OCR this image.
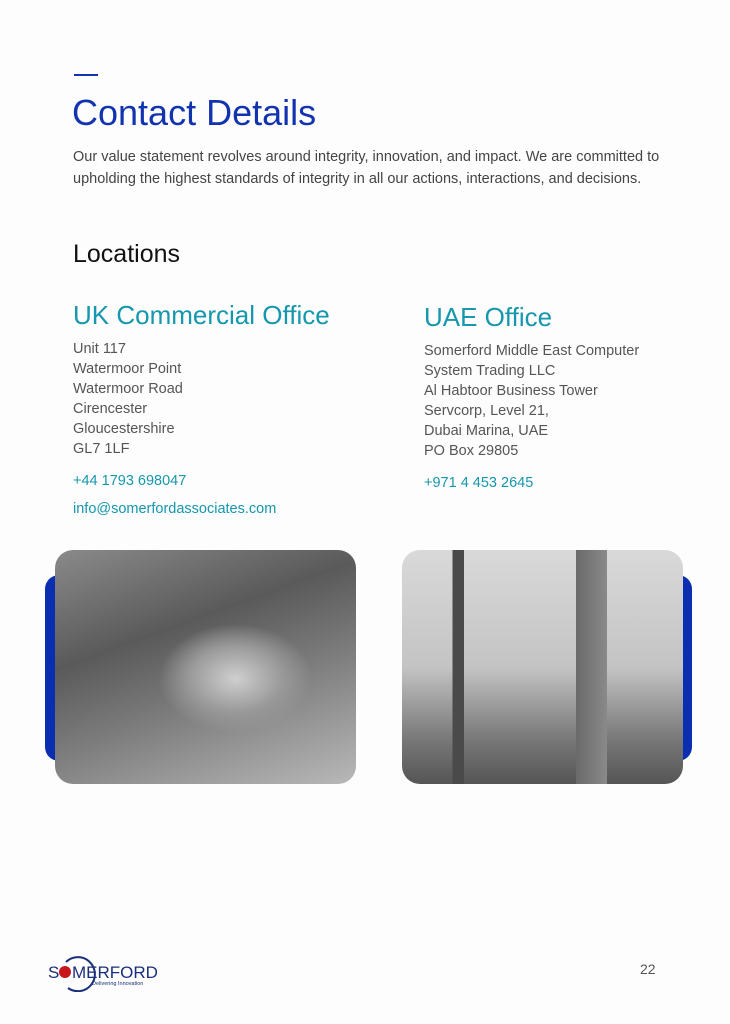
Contact Details

Our value statement revolves around integrity, innovation, and impact. We are committed to upholding the highest standards of integrity in all our actions, interactions, and decisions.

Locations
UK Commercial Office
Unit 117
Watermoor Point
Watermoor Road
Cirencester
Gloucestershire
GL7 1LF
+44 1793 698047
info@somerfordassociates.com
UAE Office
Somerford Middle East Computer
System Trading LLC
Al Habtoor Business Tower
Servcorp, Level 21,
Dubai Marina, UAE
PO Box 29805
+971 4 453 2645
S MERFORD
Delivering Innovation
22
